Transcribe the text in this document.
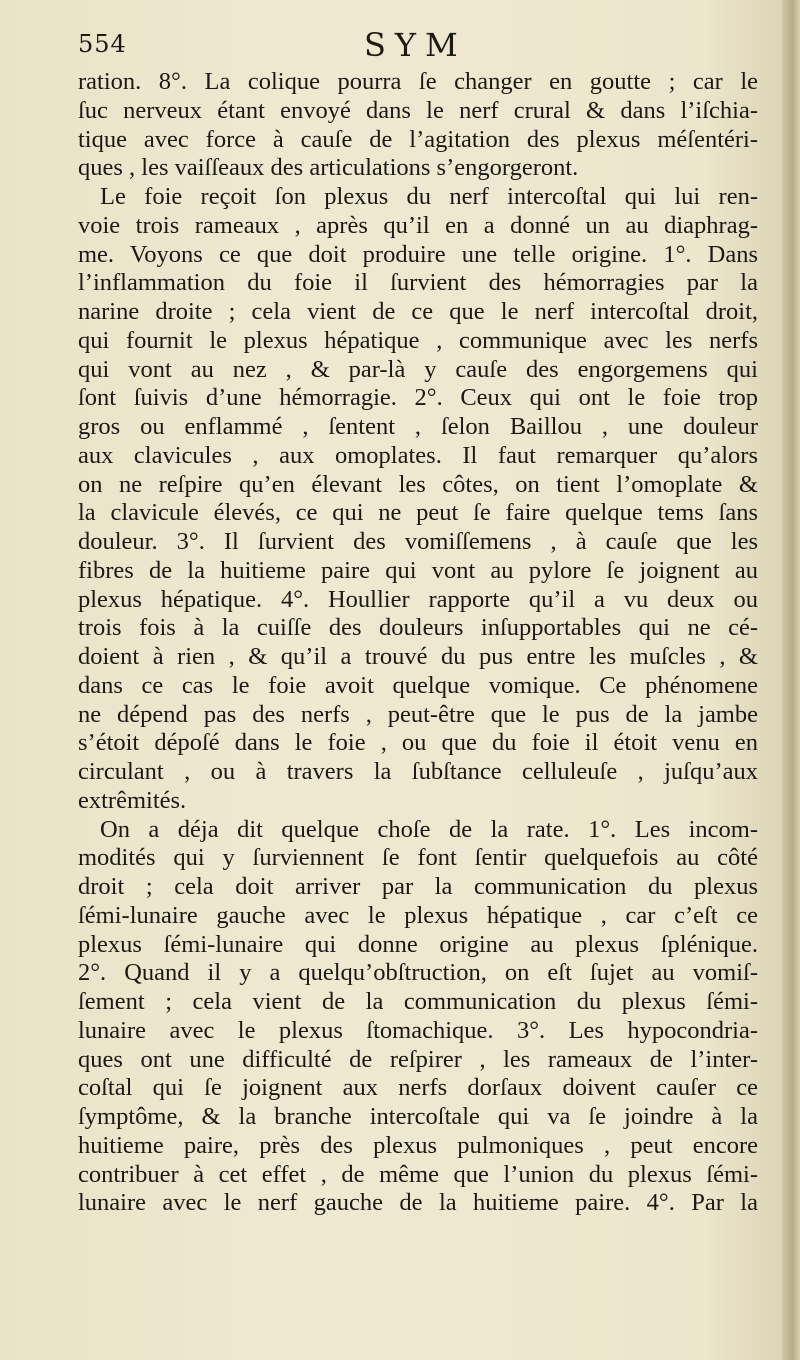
554	SYM
ration. 8°. La colique pourra ſe changer en goutte ; car le
ſuc nerveux étant envoyé dans le nerf crural & dans l’iſchia-
tique avec force à cauſe de l’agitation des plexus méſentéri-
ques , les vaiſſeaux des articulations s’engorgeront.
Le foie reçoit ſon plexus du nerf intercoſtal qui lui ren-
voie trois rameaux , après qu’il en a donné un au diaphrag-
me. Voyons ce que doit produire une telle origine. 1°. Dans
l’inflammation du foie il ſurvient des hémorragies par la
narine droite ; cela vient de ce que le nerf intercoſtal droit,
qui fournit le plexus hépatique , communique avec les nerfs
qui vont au nez , & par-là y cauſe des engorgemens qui
ſont ſuivis d’une hémorragie. 2°. Ceux qui ont le foie trop
gros ou enflammé , ſentent , ſelon Baillou , une douleur
aux clavicules , aux omoplates. Il faut remarquer qu’alors
on ne reſpire qu’en élevant les côtes, on tient l’omoplate &
la clavicule élevés, ce qui ne peut ſe faire quelque tems ſans
douleur. 3°. Il ſurvient des vomiſſemens , à cauſe que les
fibres de la huitieme paire qui vont au pylore ſe joignent au
plexus hépatique. 4°. Houllier rapporte qu’il a vu deux ou
trois fois à la cuiſſe des douleurs inſupportables qui ne cé-
doient à rien , & qu’il a trouvé du pus entre les muſcles , &
dans ce cas le foie avoit quelque vomique. Ce phénomene
ne dépend pas des nerfs , peut-être que le pus de la jambe
s’étoit dépoſé dans le foie , ou que du foie il étoit venu en
circulant , ou à travers la ſubſtance celluleuſe , juſqu’aux
extrêmités.
On a déja dit quelque choſe de la rate. 1°. Les incom-
modités qui y ſurviennent ſe font ſentir quelquefois au côté
droit ; cela doit arriver par la communication du plexus
ſémi-lunaire gauche avec le plexus hépatique , car c’eſt ce
plexus ſémi-lunaire qui donne origine au plexus ſplénique.
2°. Quand il y a quelqu’obſtruction, on eſt ſujet au vomiſ-
ſement ; cela vient de la communication du plexus ſémi-
lunaire avec le plexus ſtomachique. 3°. Les hypocondria-
ques ont une difficulté de reſpirer , les rameaux de l’inter-
coſtal qui ſe joignent aux nerfs dorſaux doivent cauſer ce
ſymptôme, & la branche intercoſtale qui va ſe joindre à la
huitieme paire, près des plexus pulmoniques , peut encore
contribuer à cet effet , de même que l’union du plexus ſémi-
lunaire avec le nerf gauche de la huitieme paire. 4°. Par la
